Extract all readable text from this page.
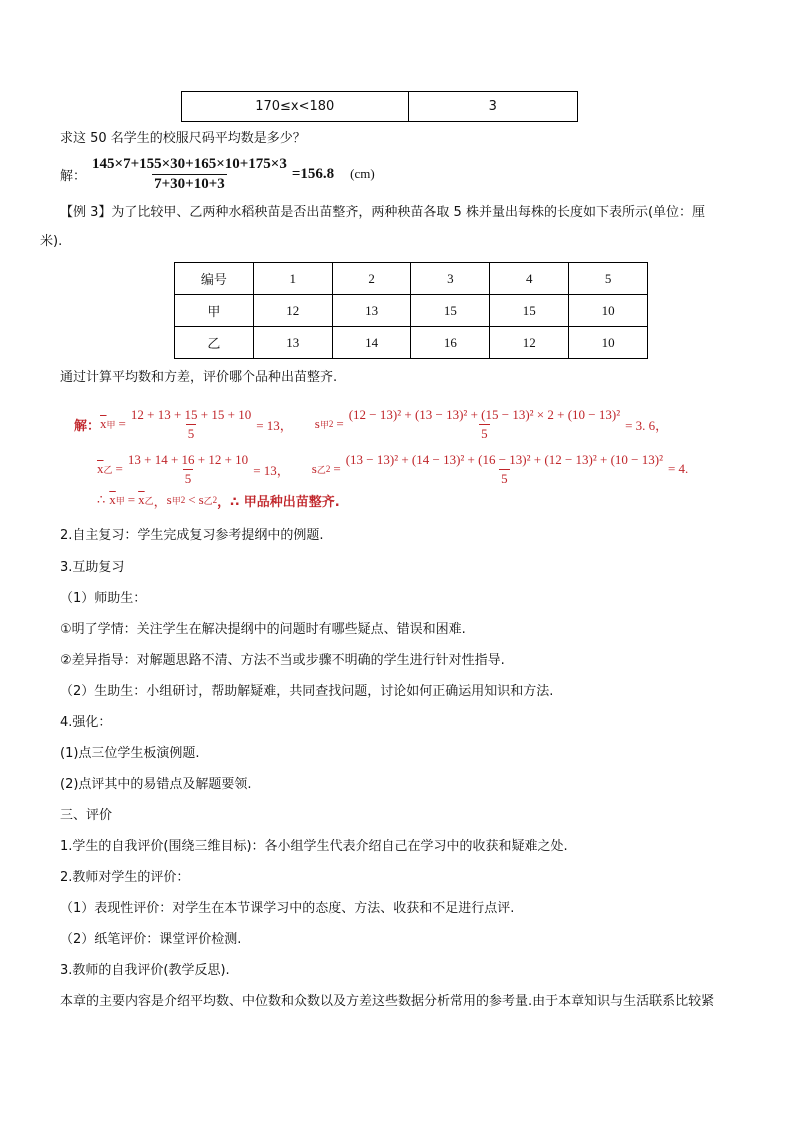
170≤x<180	3
求这 50 名学生的校服尺码平均数是多少？
解： $\frac{145\times 7+155\times 30+165\times 10+175\times 3}{7+30+10+3} =156.8$ (cm)
【例 3】为了比较甲、乙两种水稻秧苗是否出苗整齐，两种秧苗各取 5 株并量出每株的长度如下表所示(单位：厘
米).
编号	1	2	3	4	5
甲	12	13	15	15	10
乙	13	14	16	12	10
通过计算平均数和方差，评价哪个品种出苗整齐.
解： $\overline{x}$ 甲 = $\frac{12 + 13 + 15 + 15 + 10}{5} = 13$， s 甲 $2 = \frac{\text{(12 − 13)² + (13 − 13)² + (15 − 13)² × 2 + (10 − 13)²}}{5} = 3$. 6，
$\overline{x}$ 乙 = $\frac{13 + 14 + 16 + 12 + 10}{5} = 13$， s 乙 2 =
(13 − 13)² + (14 − 13)² + (16 − 13)² + (12 − 13)² + (10 − 13)²
5
= 4.
∴ $\overline{x}$ 甲 = $\overline{x}$ 乙 ， s 甲 2 < s 乙 2 ，∴ 甲品种出苗整齐.
2.自主复习：学生完成复习参考提纲中的例题.
3.互助复习
（1）师助生：
①明了学情：关注学生在解决提纲中的问题时有哪些疑点、错误和困难.
②差异指导：对解题思路不清、方法不当或步骤不明确的学生进行针对性指导.
（2）生助生：小组研讨，帮助解疑难，共同查找问题，讨论如何正确运用知识和方法.
4.强化：
(1)点三位学生板演例题.
(2)点评其中的易错点及解题要领.
三、评价
1.学生的自我评价(围绕三维目标)：各小组学生代表介绍自己在学习中的收获和疑难之处.
2.教师对学生的评价：
（1）表现性评价：对学生在本节课学习中的态度、方法、收获和不足进行点评.
（2）纸笔评价：课堂评价检测.
3.教师的自我评价(教学反思).
本章的主要内容是介绍平均数、中位数和众数以及方差这些数据分析常用的参考量.由于本章知识与生活联系比较紧
